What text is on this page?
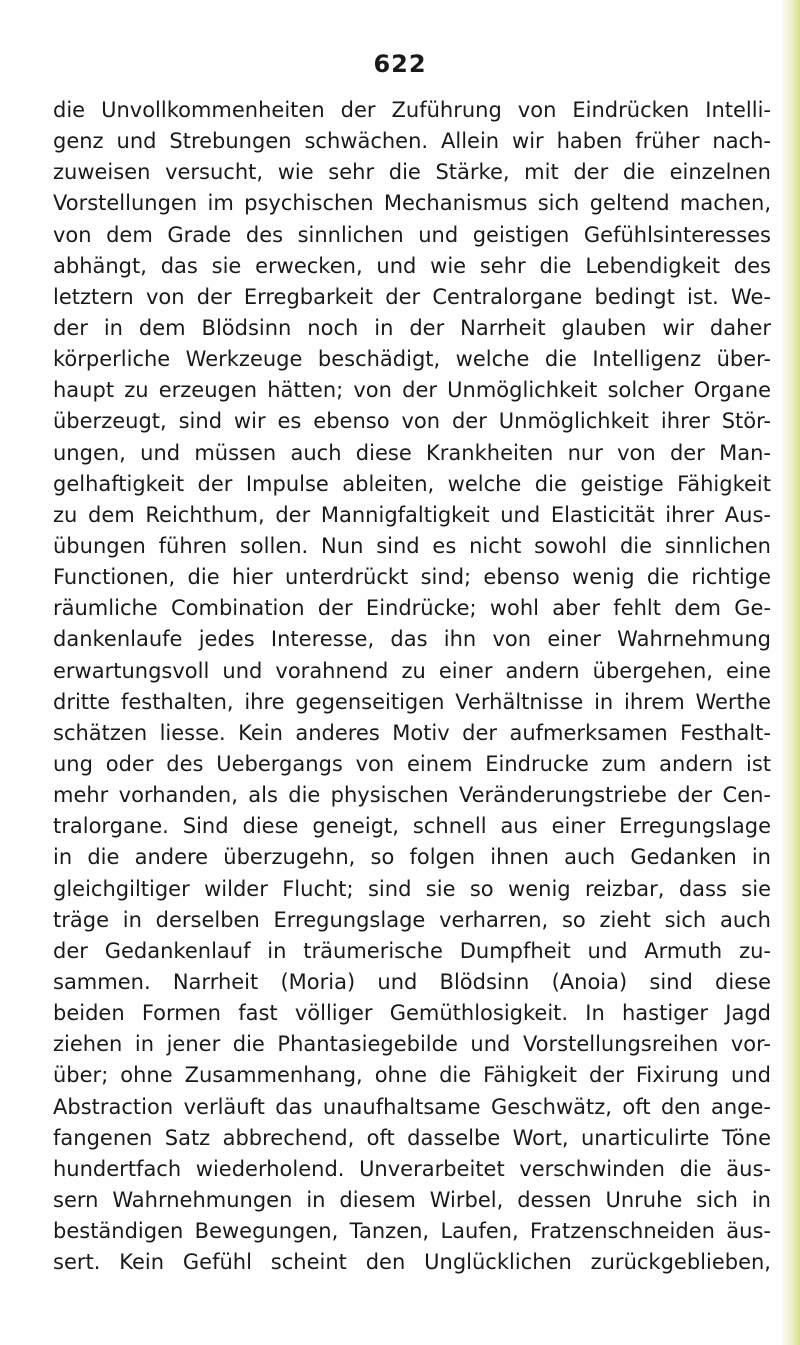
622
die Unvollkommenheiten der Zuführung von Eindrücken Intelli-
genz und Strebungen schwächen. Allein wir haben früher nach-
zuweisen versucht, wie sehr die Stärke, mit der die einzelnen
Vorstellungen im psychischen Mechanismus sich geltend machen,
von dem Grade des sinnlichen und geistigen Gefühlsinteresses
abhängt, das sie erwecken, und wie sehr die Lebendigkeit des
letztern von der Erregbarkeit der Centralorgane bedingt ist. We-
der in dem Blödsinn noch in der Narrheit glauben wir daher
körperliche Werkzeuge beschädigt, welche die Intelligenz über-
haupt zu erzeugen hätten; von der Unmöglichkeit solcher Organe
überzeugt, sind wir es ebenso von der Unmöglichkeit ihrer Stör-
ungen, und müssen auch diese Krankheiten nur von der Man-
gelhaftigkeit der Impulse ableiten, welche die geistige Fähigkeit
zu dem Reichthum, der Mannigfaltigkeit und Elasticität ihrer Aus-
übungen führen sollen. Nun sind es nicht sowohl die sinnlichen
Functionen, die hier unterdrückt sind; ebenso wenig die richtige
räumliche Combination der Eindrücke; wohl aber fehlt dem Ge-
dankenlaufe jedes Interesse, das ihn von einer Wahrnehmung
erwartungsvoll und vorahnend zu einer andern übergehen, eine
dritte festhalten, ihre gegenseitigen Verhältnisse in ihrem Werthe
schätzen liesse. Kein anderes Motiv der aufmerksamen Festhalt-
ung oder des Uebergangs von einem Eindrucke zum andern ist
mehr vorhanden, als die physischen Veränderungstriebe der Cen-
tralorgane. Sind diese geneigt, schnell aus einer Erregungslage
in die andere überzugehn, so folgen ihnen auch Gedanken in
gleichgiltiger wilder Flucht; sind sie so wenig reizbar, dass sie
träge in derselben Erregungslage verharren, so zieht sich auch
der Gedankenlauf in träumerische Dumpfheit und Armuth zu-
sammen. Narrheit (Moria) und Blödsinn (Anoia) sind diese
beiden Formen fast völliger Gemüthlosigkeit. In hastiger Jagd
ziehen in jener die Phantasiegebilde und Vorstellungsreihen vor-
über; ohne Zusammenhang, ohne die Fähigkeit der Fixirung und
Abstraction verläuft das unaufhaltsame Geschwätz, oft den ange-
fangenen Satz abbrechend, oft dasselbe Wort, unarticulirte Töne
hundertfach wiederholend. Unverarbeitet verschwinden die äus-
sern Wahrnehmungen in diesem Wirbel, dessen Unruhe sich in
beständigen Bewegungen, Tanzen, Laufen, Fratzenschneiden äus-
sert. Kein Gefühl scheint den Unglücklichen zurückgeblieben,
